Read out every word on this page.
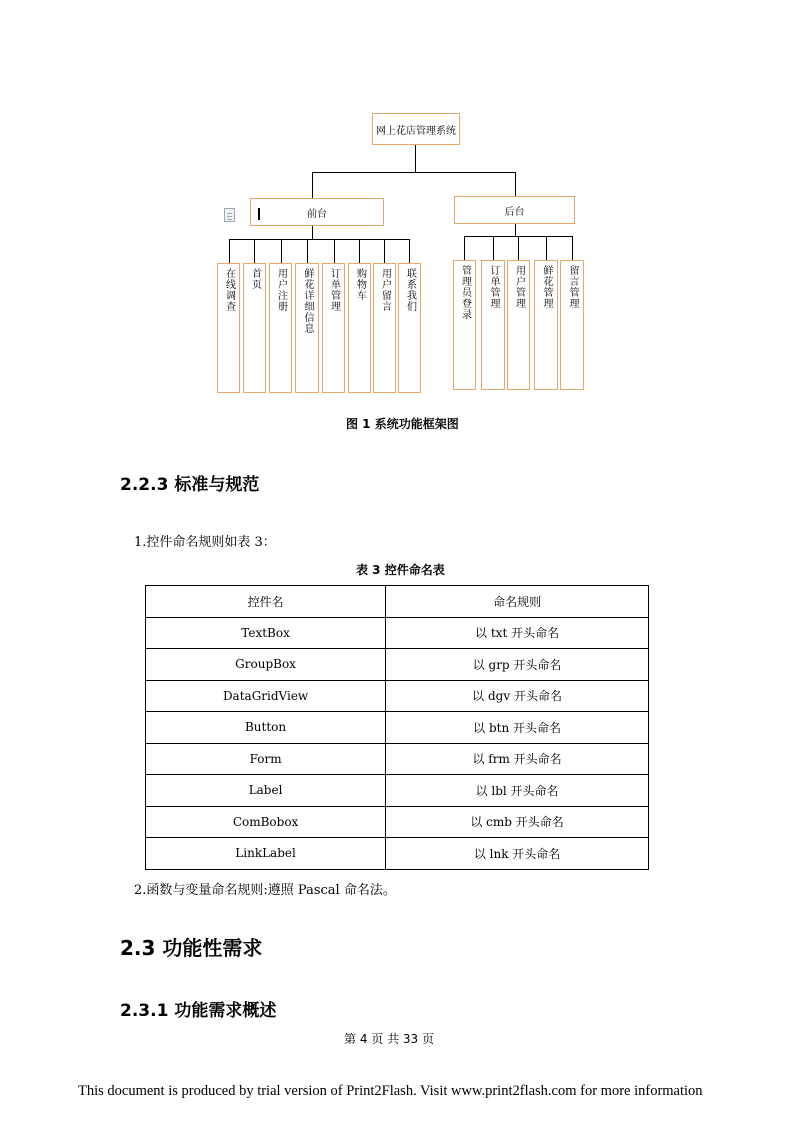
网上花店管理系统
前台	后台
在线调查	首页	用户注册	鲜花详细信息	订单管理	购物车	用户留言	联系我们	管理员登录	订单管理	用户管理	鲜花管理	留言管理
图 1 系统功能框架图
2.2.3 标准与规范
1.控件命名规则如表 3：
表 3 控件命名表
控件名	命名规则
TextBox	以 txt 开头命名
GroupBox	以 grp 开头命名
DataGridView	以 dgv 开头命名
Button	以 btn 开头命名
Form	以 frm 开头命名
Label	以 lbl 开头命名
ComBobox	以 cmb 开头命名
LinkLabel	以 lnk 开头命名
2.函数与变量命名规则:遵照 Pascal 命名法。
2.3 功能性需求
2.3.1 功能需求概述
第 4 页 共 33 页
This document is produced by trial version of Print2Flash. Visit www.print2flash.com for more information
